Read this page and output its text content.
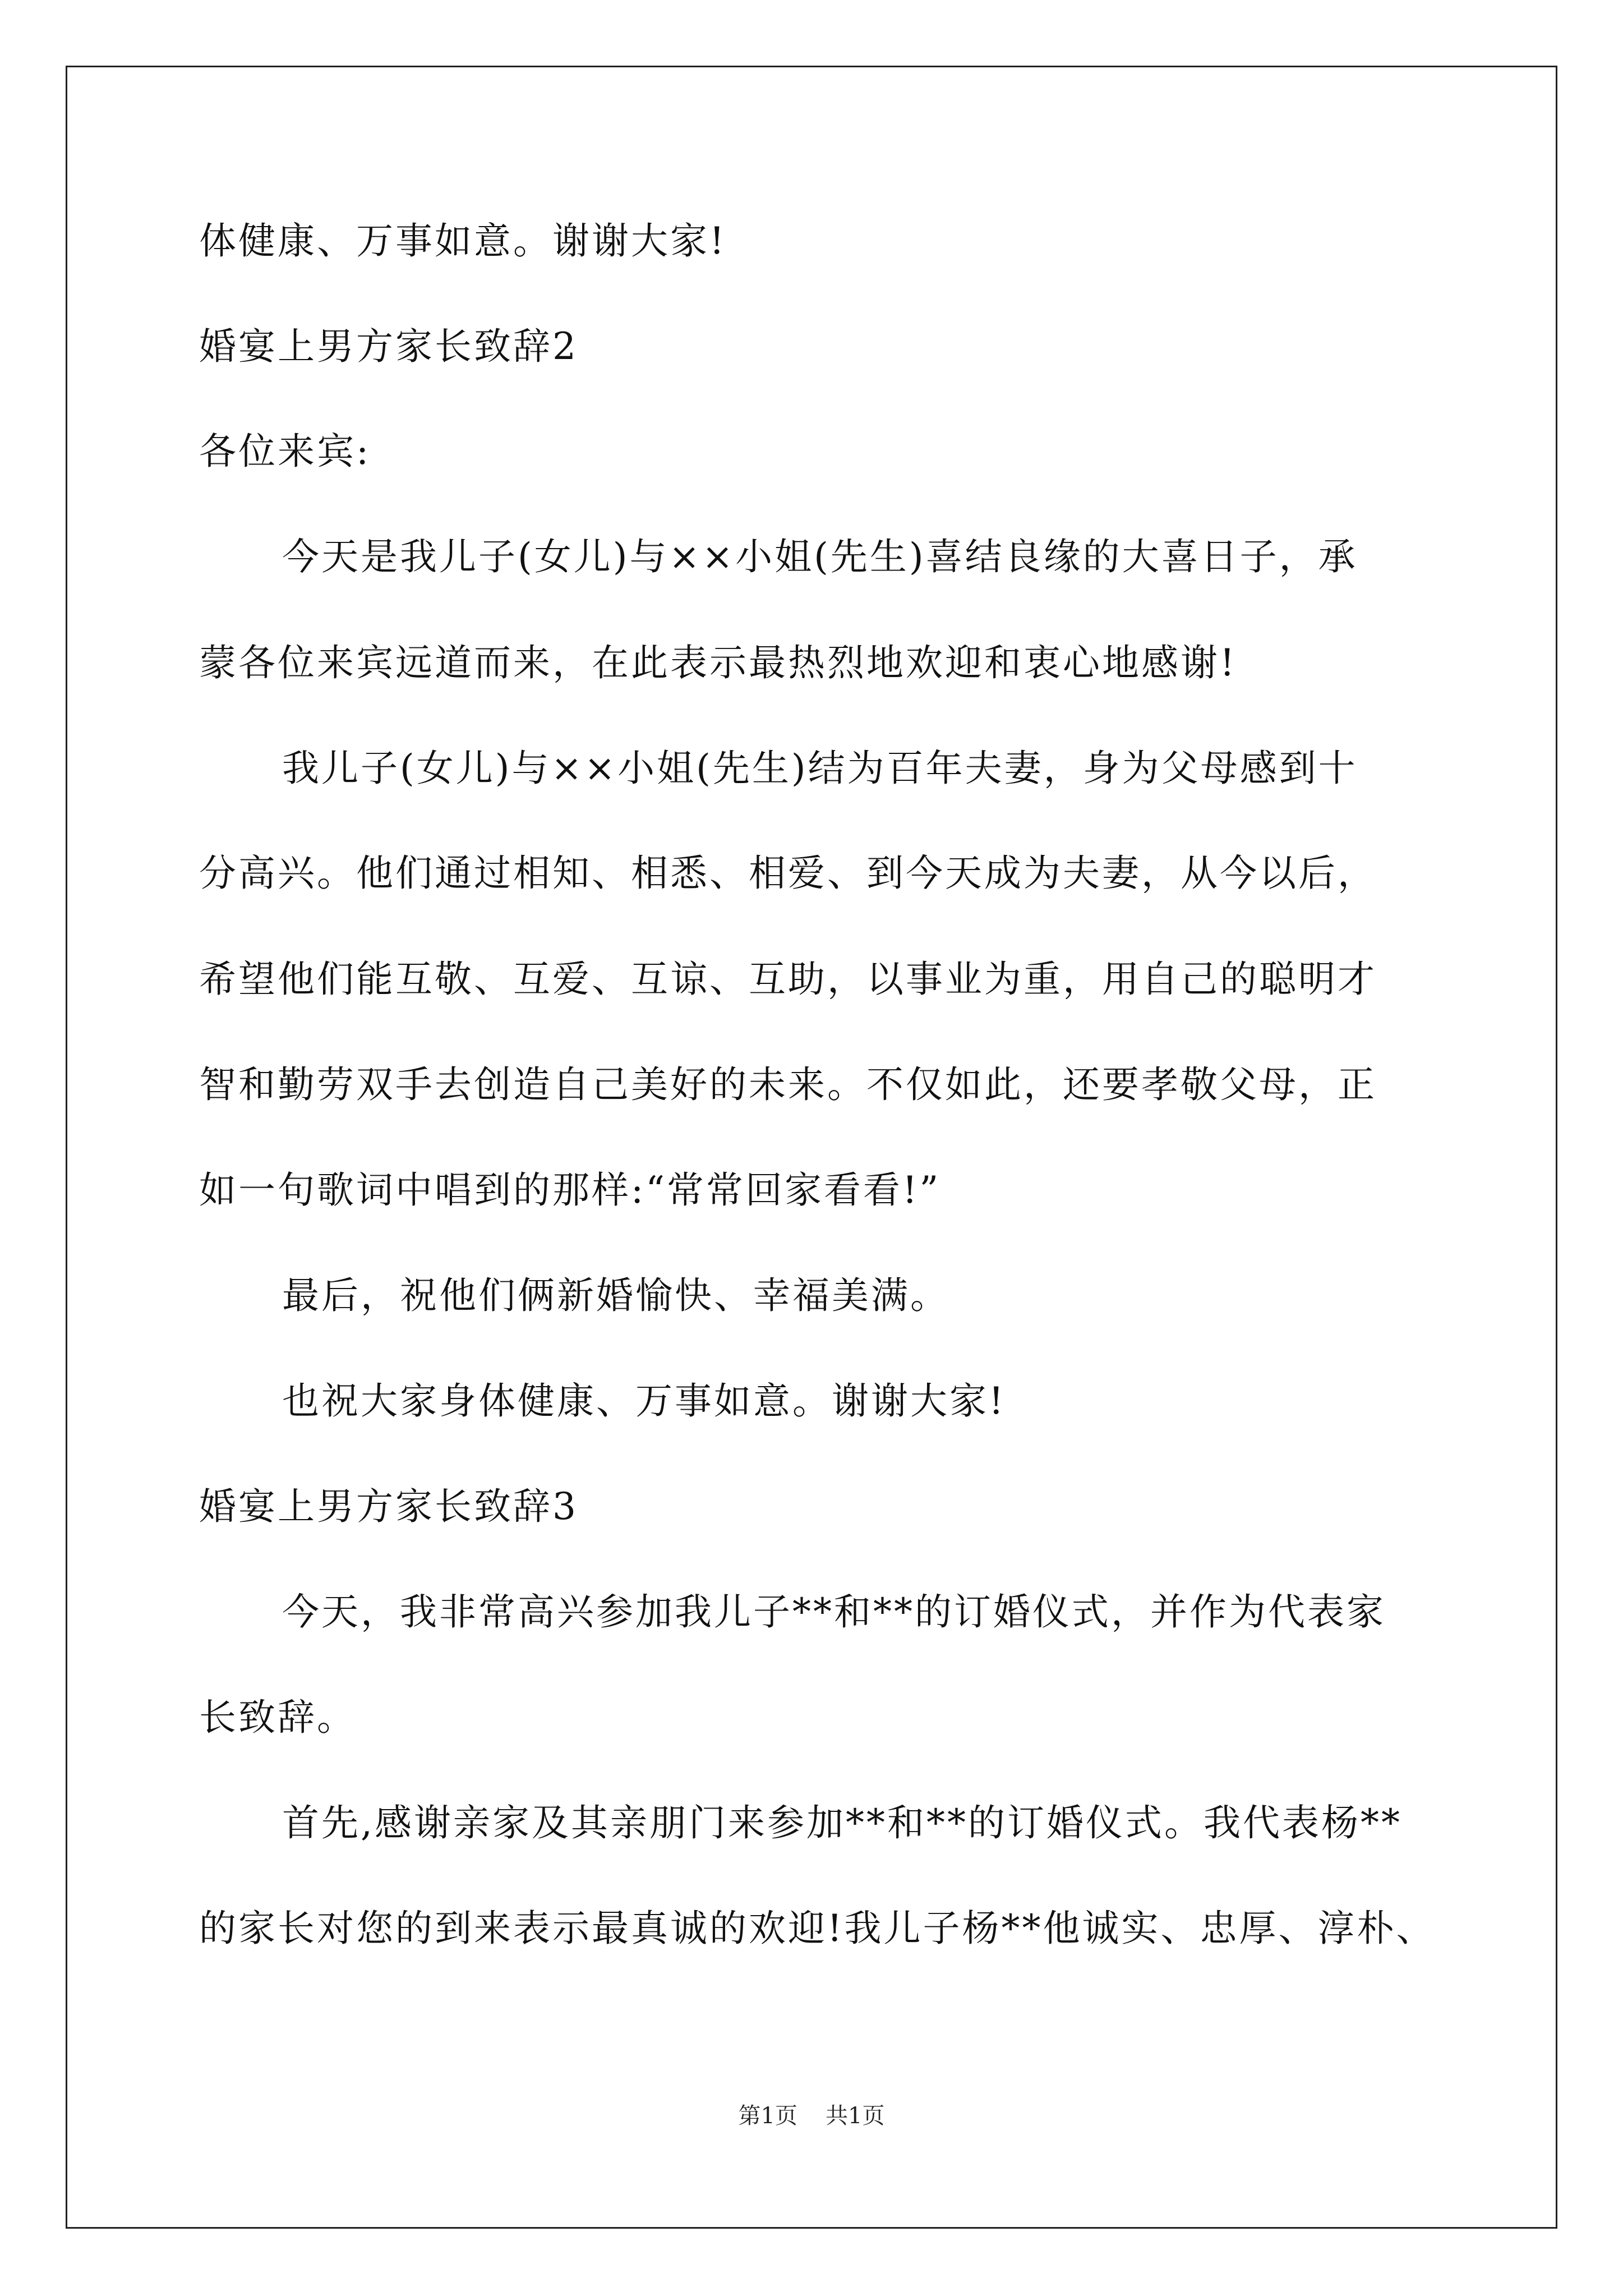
体健康、万事如意。谢谢大家!
婚宴上男方家长致辞2
各位来宾:
今天是我儿子(女儿)与××小姐(先生)喜结良缘的大喜日子，承
蒙各位来宾远道而来，在此表示最热烈地欢迎和衷心地感谢!
我儿子(女儿)与××小姐(先生)结为百年夫妻，身为父母感到十
分高兴。他们通过相知、相悉、相爱、到今天成为夫妻，从今以后，
希望他们能互敬、互爱、互谅、互助，以事业为重，用自己的聪明才
智和勤劳双手去创造自己美好的未来。不仅如此，还要孝敬父母，正
如一句歌词中唱到的那样:“常常回家看看!”
最后，祝他们俩新婚愉快、幸福美满。
也祝大家身体健康、万事如意。谢谢大家!
婚宴上男方家长致辞3
今天，我非常高兴参加我儿子**和**的订婚仪式，并作为代表家
长致辞。
首先,感谢亲家及其亲朋门来参加**和**的订婚仪式。我代表杨**
的家长对您的到来表示最真诚的欢迎!我儿子杨**他诚实、忠厚、淳朴、
第1页 共1页
